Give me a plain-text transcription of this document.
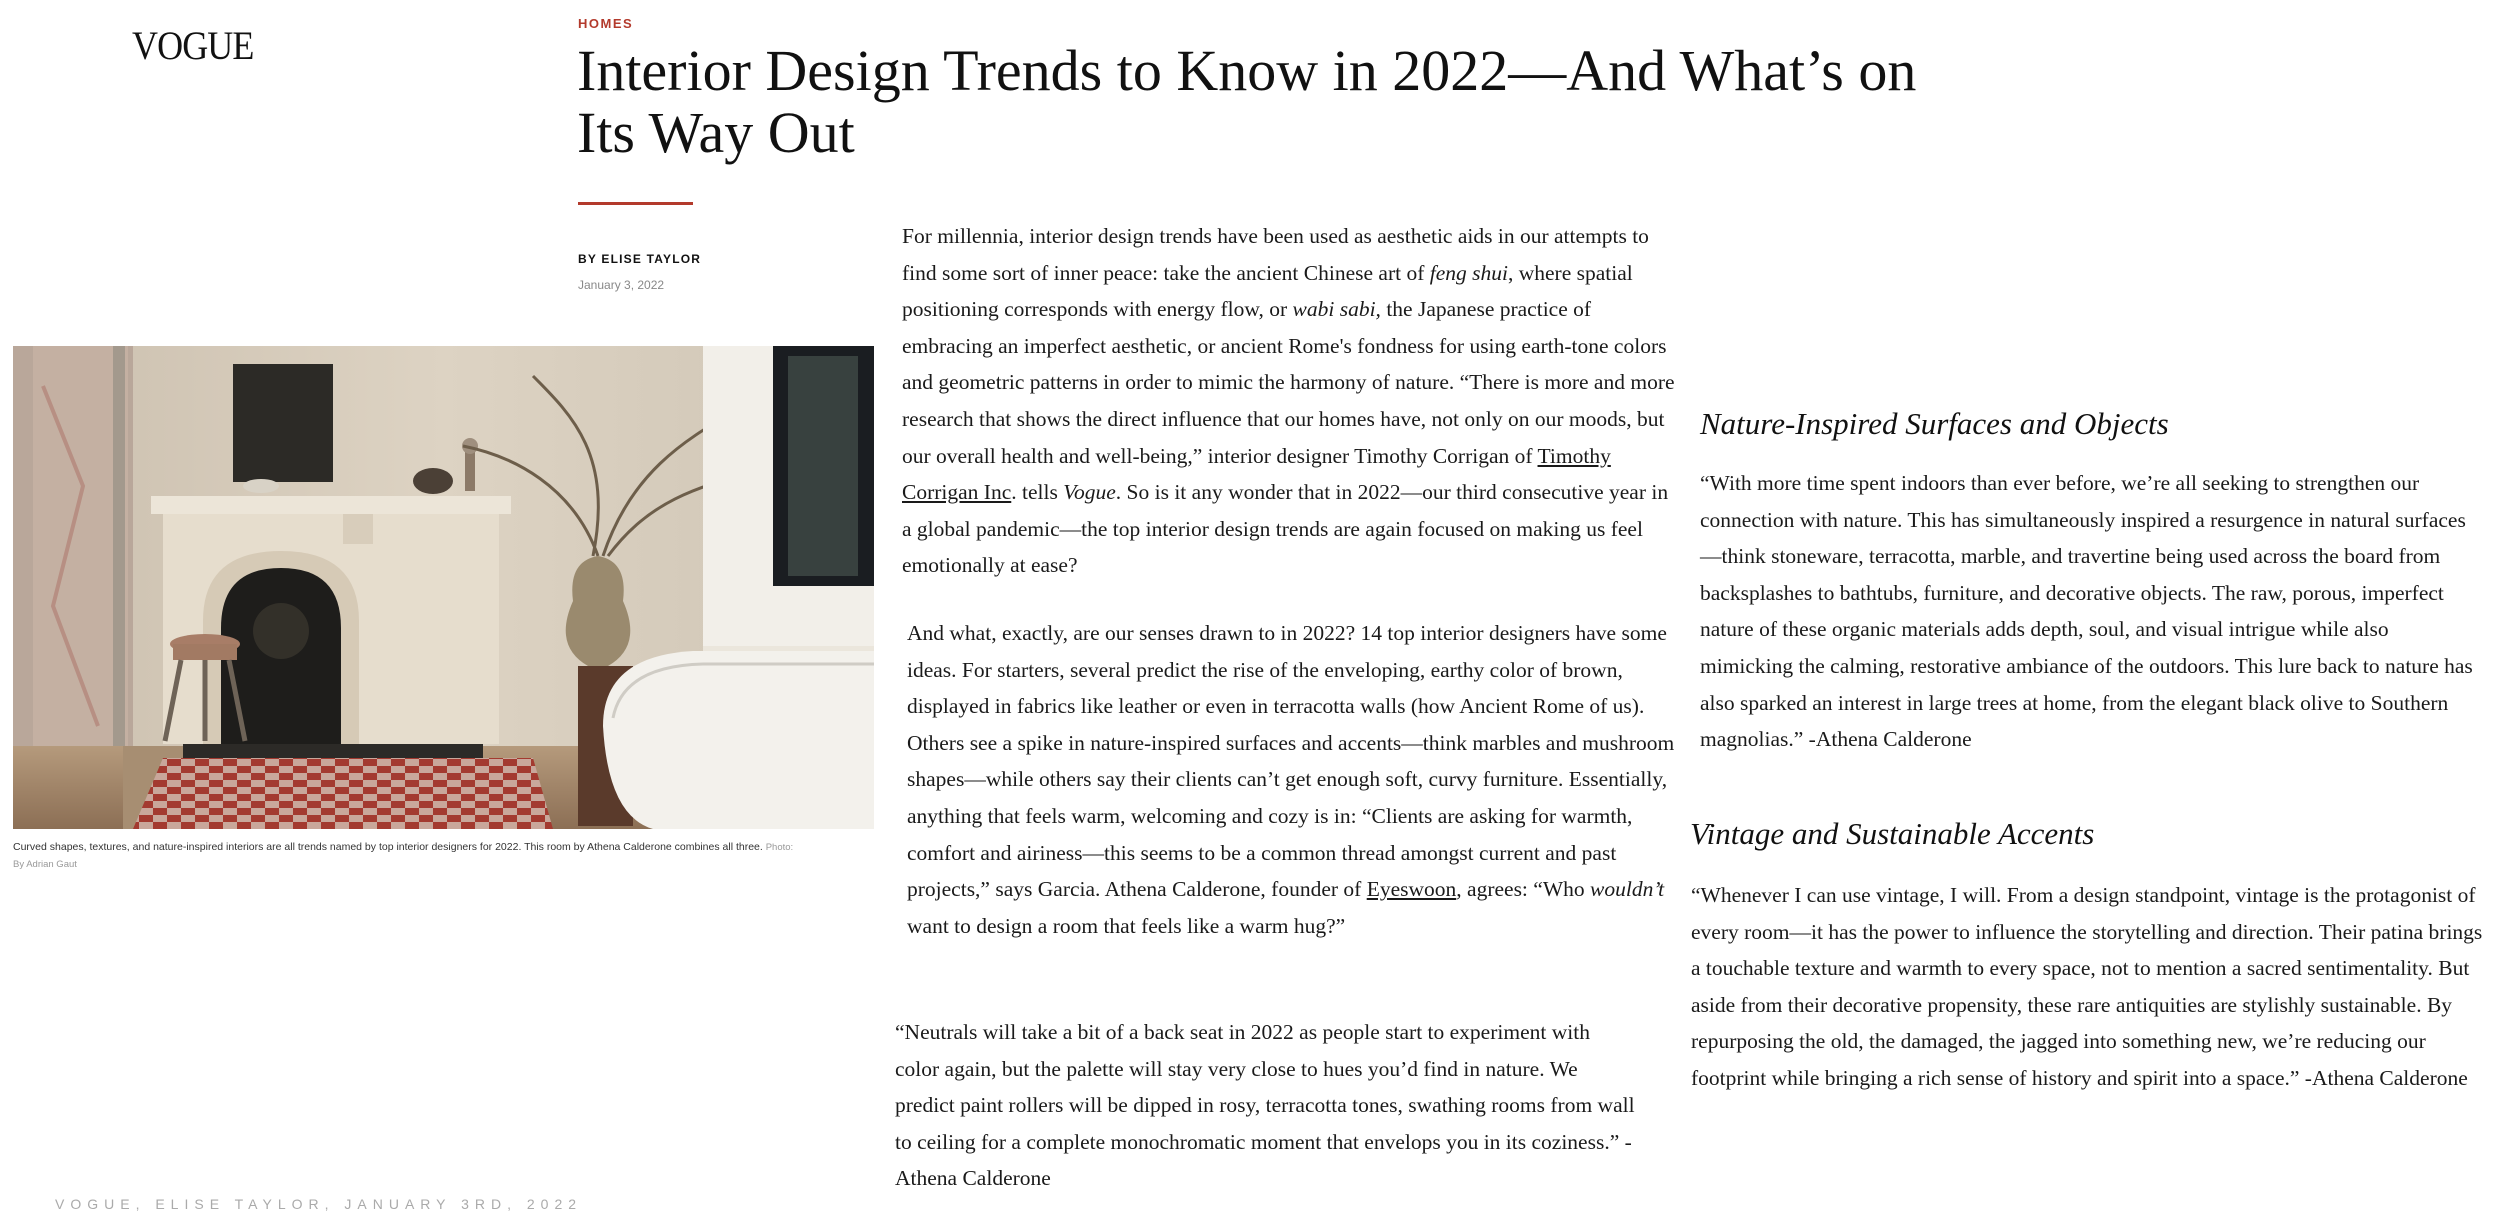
VOGUE	HOMES
Interior Design Trends to Know in 2022—And What’s on Its Way Out
BY ELISE TAYLOR
January 3, 2022
Curved shapes, textures, and nature-inspired interiors are all trends named by top interior designers for 2022. This room by Athena Calderone combines all three. Photo:
By Adrian Gaut

For millennia, interior design trends have been used as aesthetic aids in our attempts to find some sort of inner peace: take the ancient Chinese art of feng shui, where spatial positioning corresponds with energy flow, or wabi sabi, the Japanese practice of embracing an imperfect aesthetic, or ancient Rome's fondness for using earth-tone colors and geometric patterns in order to mimic the harmony of nature. “There is more and more research that shows the direct influence that our homes have, not only on our moods, but our overall health and well-being,” interior designer Timothy Corrigan of Timothy Corrigan Inc. tells Vogue. So is it any wonder that in 2022—our third consecutive year in a global pandemic—the top interior design trends are again focused on making us feel emotionally at ease?

And what, exactly, are our senses drawn to in 2022? 14 top interior designers have some ideas. For starters, several predict the rise of the enveloping, earthy color of brown, displayed in fabrics like leather or even in terracotta walls (how Ancient Rome of us). Others see a spike in nature-inspired surfaces and accents—think marbles and mushroom shapes—while others say their clients can’t get enough soft, curvy furniture. Essentially, anything that feels warm, welcoming and cozy is in: “Clients are asking for warmth, comfort and airiness—this seems to be a common thread amongst current and past projects,” says Garcia. Athena Calderone, founder of Eyeswoon, agrees: “Who wouldn’t want to design a room that feels like a warm hug?”

“Neutrals will take a bit of a back seat in 2022 as people start to experiment with color again, but the palette will stay very close to hues you’d find in nature. We predict paint rollers will be dipped in rosy, terracotta tones, swathing rooms from wall to ceiling for a complete monochromatic moment that envelops you in its coziness.” -Athena Calderone

Nature-Inspired Surfaces and Objects

“With more time spent indoors than ever before, we’re all seeking to strengthen our connection with nature. This has simultaneously inspired a resurgence in natural surfaces—think stoneware, terracotta, marble, and travertine being used across the board from backsplashes to bathtubs, furniture, and decorative objects. The raw, porous, imperfect nature of these organic materials adds depth, soul, and visual intrigue while also mimicking the calming, restorative ambiance of the outdoors. This lure back to nature has also sparked an interest in large trees at home, from the elegant black olive to Southern magnolias.” -Athena Calderone

Vintage and Sustainable Accents

“Whenever I can use vintage, I will. From a design standpoint, vintage is the protagonist of every room—it has the power to influence the storytelling and direction. Their patina brings a touchable texture and warmth to every space, not to mention a sacred sentimentality. But aside from their decorative propensity, these rare antiquities are stylishly sustainable. By repurposing the old, the damaged, the jagged into something new, we’re reducing our footprint while bringing a rich sense of history and spirit into a space.” -Athena Calderone

VOGUE, ELISE TAYLOR, JANUARY 3RD, 2022
